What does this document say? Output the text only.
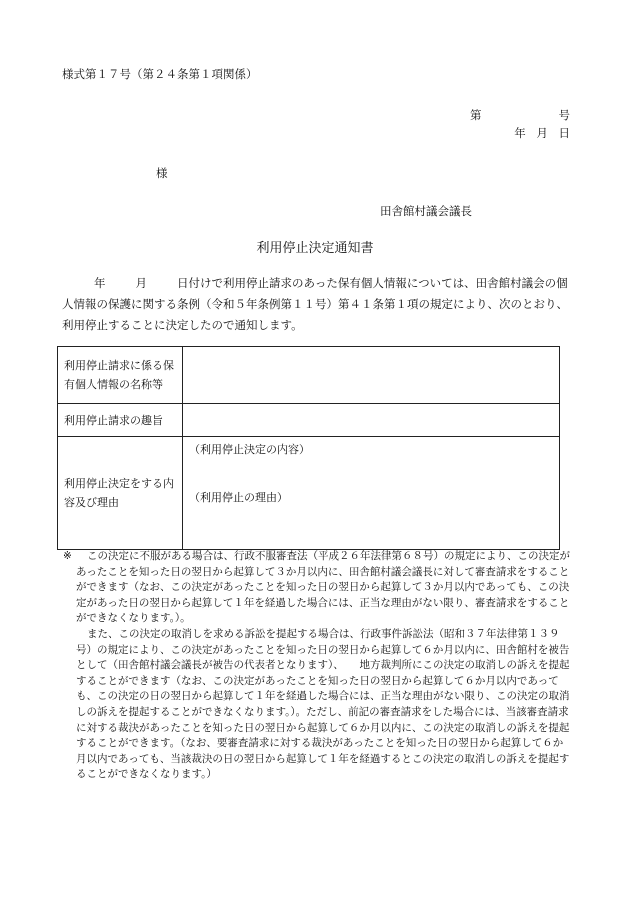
様式第１７号（第２４条第１項関係）
第	号
年 月 日
様
田舎館村議会議長
利用停止決定通知書
年	月	日付けで利用停止請求のあった保有個人情報については、田舎館村議会の個
人情報の保護に関する条例（令和５年条例第１１号）第４１条第１項の規定により、次のとおり、
利用停止することに決定したので通知します。
利用停止請求に係る保有個人情報の名称等	
利用停止請求の趣旨	
利用停止決定をする内容及び理由	（利用停止決定の内容）
（利用停止の理由）
※	この決定に不服がある場合は、行政不服審査法（平成２６年法律第６８号）の規定により、この決定があったことを知った日の翌日から起算して３か月以内に、田舎館村議会議長に対して審査請求をすることができます（なお、この決定があったことを知った日の翌日から起算して３か月以内であっても、この決定があった日の翌日から起算して１年を経過した場合には、正当な理由がない限り、審査請求をすることができなくなります。）。

また、この決定の取消しを求める訴訟を提起する場合は、行政事件訴訟法（昭和３７年法律第１３９号）の規定により、この決定があったことを知った日の翌日から起算して６か月以内に、田舎館村を被告として（田舎館村議会議長が被告の代表者となります）、　　地方裁判所にこの決定の取消しの訴えを提起することができます（なお、この決定があったことを知った日の翌日から起算して６か月以内であっても、この決定の日の翌日から起算して１年を経過した場合には、正当な理由がない限り、この決定の取消しの訴えを提起することができなくなります。）。ただし、前記の審査請求をした場合には、当該審査請求に対する裁決があったことを知った日の翌日から起算して６か月以内に、この決定の取消しの訴えを提起することができます。（なお、要審査請求に対する裁決があったことを知った日の翌日から起算して６か月以内であっても、当該裁決の日の翌日から起算して１年を経過するとこの決定の取消しの訴えを提起することができなくなります。）
